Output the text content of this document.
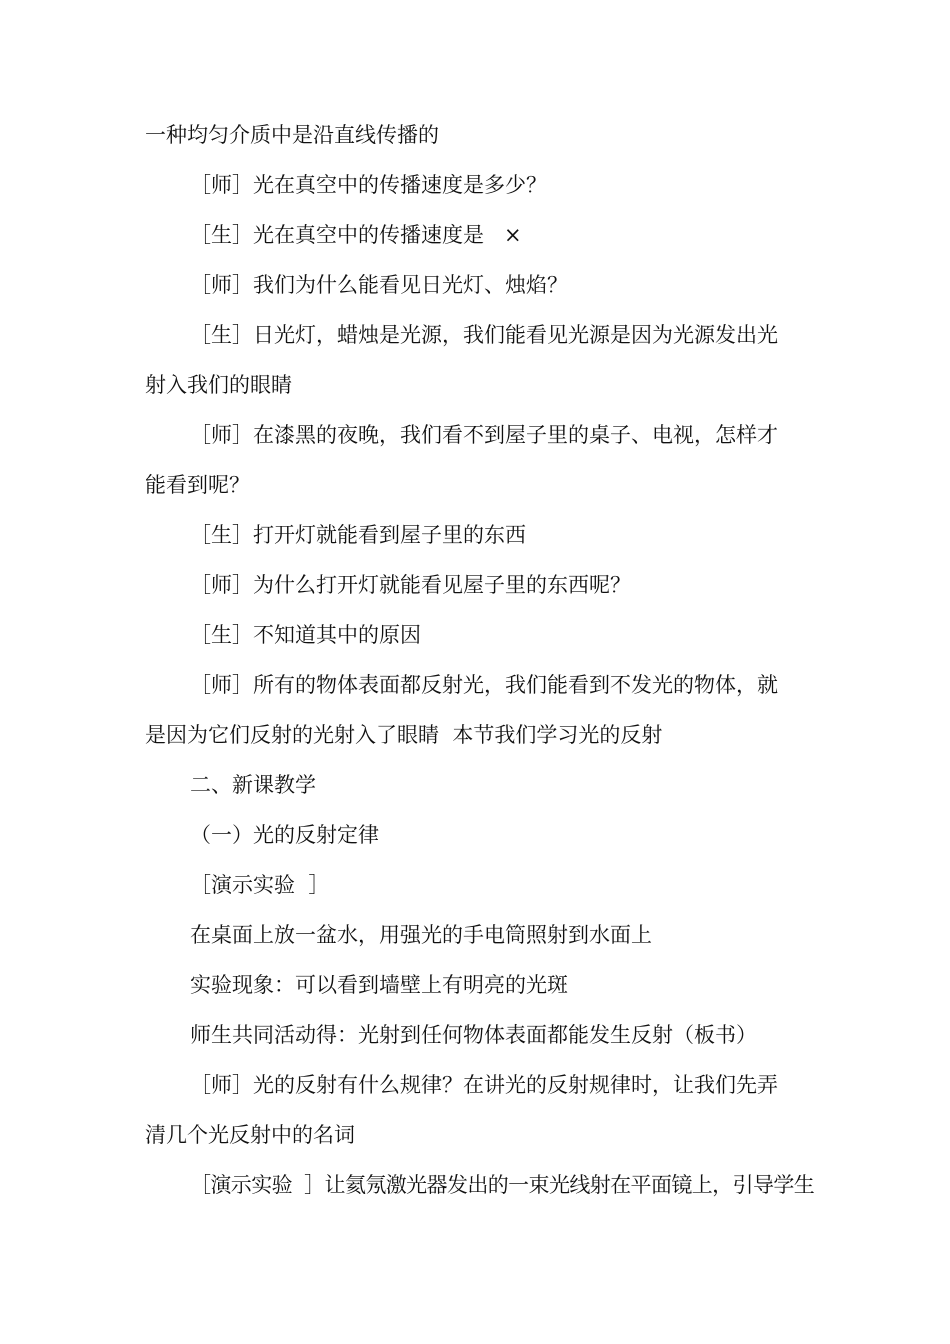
一种均匀介质中是沿直线传播的
［师］光在真空中的传播速度是多少？
［生］光在真空中的传播速度是   ×
［师］我们为什么能看见日光灯、烛焰？
［生］日光灯，蜡烛是光源，我们能看见光源是因为光源发出光
射入我们的眼睛
［师］在漆黑的夜晚，我们看不到屋子里的桌子、电视，怎样才
能看到呢？
［生］打开灯就能看到屋子里的东西
［师］为什么打开灯就能看见屋子里的东西呢？
［生］不知道其中的原因
［师］所有的物体表面都反射光，我们能看到不发光的物体，就
是因为它们反射的光射入了眼睛  本节我们学习光的反射
二、新课教学
（一）光的反射定律
［演示实验  ］
在桌面上放一盆水，用强光的手电筒照射到水面上
实验现象：可以看到墙壁上有明亮的光斑
师生共同活动得：光射到任何物体表面都能发生反射（板书）
［师］光的反射有什么规律？在讲光的反射规律时，让我们先弄
清几个光反射中的名词
［演示实验  ］让氦氖激光器发出的一束光线射在平面镜上，引导学生
